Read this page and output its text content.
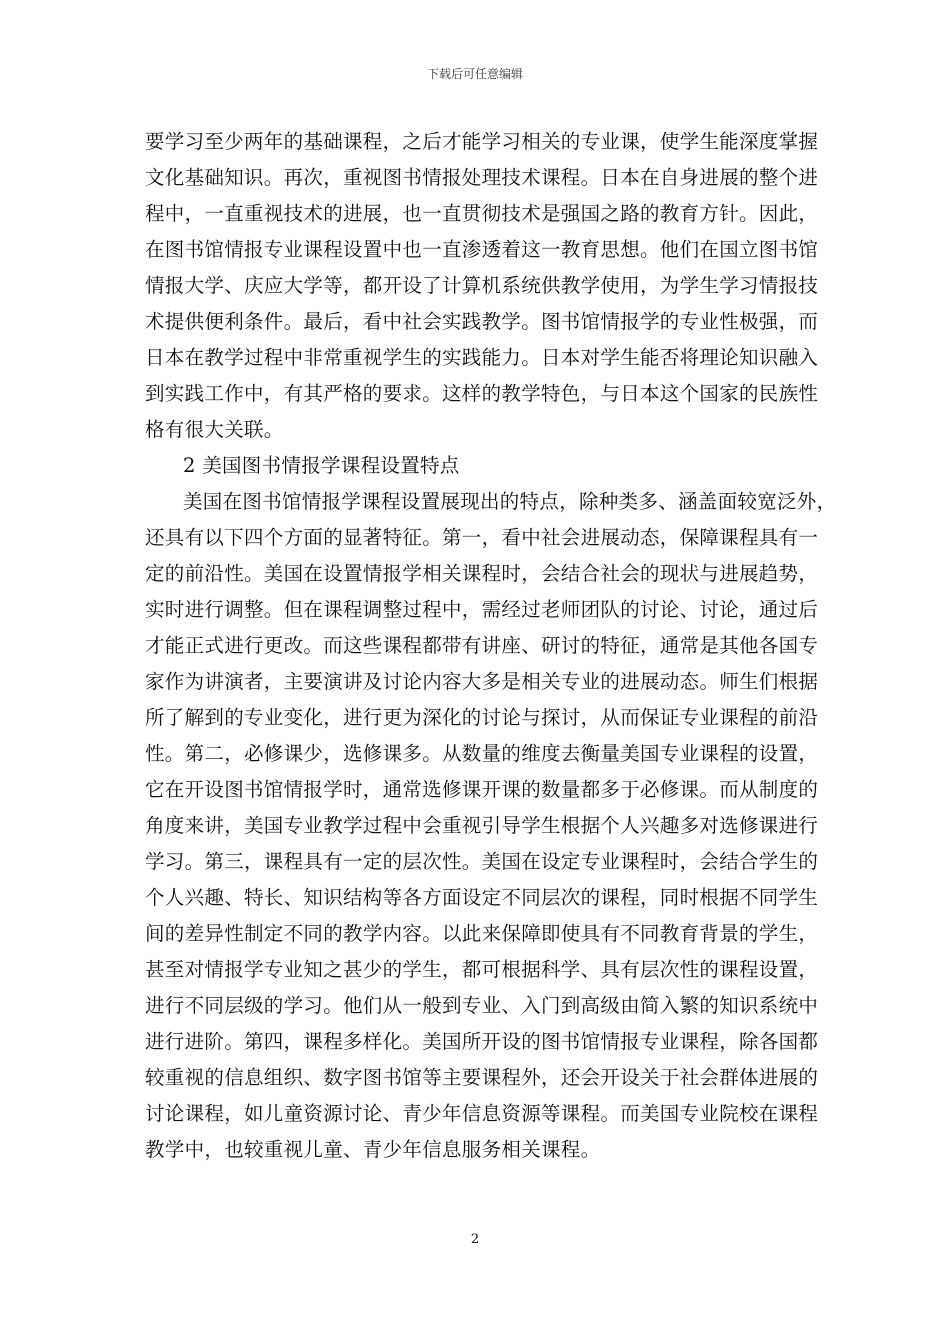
下载后可任意编辑
要学习至少两年的基础课程，之后才能学习相关的专业课，使学生能深度掌握
文化基础知识。再次，重视图书情报处理技术课程。日本在自身进展的整个进
程中，一直重视技术的进展，也一直贯彻技术是强国之路的教育方针。因此，
在图书馆情报专业课程设置中也一直渗透着这一教育思想。他们在国立图书馆
情报大学、庆应大学等，都开设了计算机系统供教学使用，为学生学习情报技
术提供便利条件。最后，看中社会实践教学。图书馆情报学的专业性极强，而
日本在教学过程中非常重视学生的实践能力。日本对学生能否将理论知识融入
到实践工作中，有其严格的要求。这样的教学特色，与日本这个国家的民族性
格有很大关联。
2 美国图书情报学课程设置特点
美国在图书馆情报学课程设置展现出的特点，除种类多、涵盖面较宽泛外，
还具有以下四个方面的显著特征。第一，看中社会进展动态，保障课程具有一
定的前沿性。美国在设置情报学相关课程时，会结合社会的现状与进展趋势，
实时进行调整。但在课程调整过程中，需经过老师团队的讨论、讨论，通过后
才能正式进行更改。而这些课程都带有讲座、研讨的特征，通常是其他各国专
家作为讲演者，主要演讲及讨论内容大多是相关专业的进展动态。师生们根据
所了解到的专业变化，进行更为深化的讨论与探讨，从而保证专业课程的前沿
性。第二，必修课少，选修课多。从数量的维度去衡量美国专业课程的设置，
它在开设图书馆情报学时，通常选修课开课的数量都多于必修课。而从制度的
角度来讲，美国专业教学过程中会重视引导学生根据个人兴趣多对选修课进行
学习。第三，课程具有一定的层次性。美国在设定专业课程时，会结合学生的
个人兴趣、特长、知识结构等各方面设定不同层次的课程，同时根据不同学生
间的差异性制定不同的教学内容。以此来保障即使具有不同教育背景的学生，
甚至对情报学专业知之甚少的学生，都可根据科学、具有层次性的课程设置，
进行不同层级的学习。他们从一般到专业、入门到高级由简入繁的知识系统中
进行进阶。第四，课程多样化。美国所开设的图书馆情报专业课程，除各国都
较重视的信息组织、数字图书馆等主要课程外，还会开设关于社会群体进展的
讨论课程，如儿童资源讨论、青少年信息资源等课程。而美国专业院校在课程
教学中，也较重视儿童、青少年信息服务相关课程。
2
